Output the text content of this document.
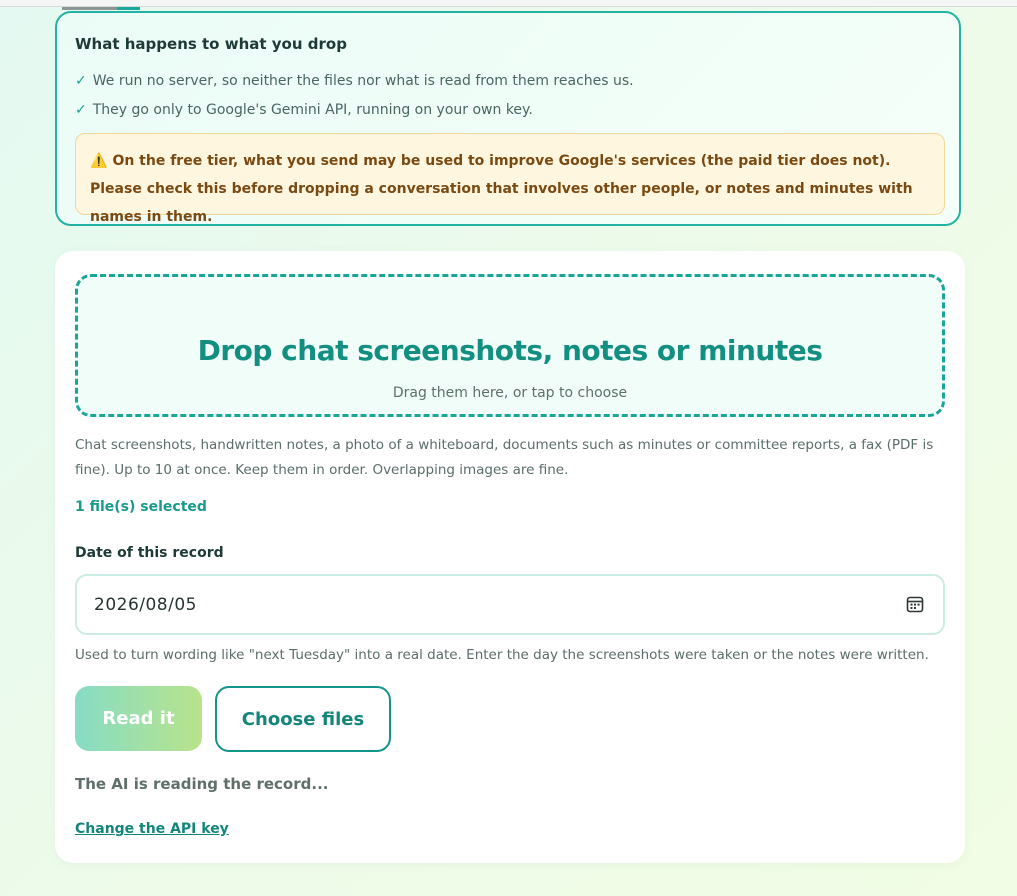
What happens to what you drop
✓ We run no server, so neither the files nor what is read from them reaches us.
✓ They go only to Google's Gemini API, running on your own key.
⚠️ On the free tier, what you send may be used to improve Google's services (the paid tier does not). Please check this before dropping a conversation that involves other people, or notes and minutes with names in them.
Drop chat screenshots, notes or minutes
Drag them here, or tap to choose
Chat screenshots, handwritten notes, a photo of a whiteboard, documents such as minutes or committee reports, a fax (PDF is fine). Up to 10 at once. Keep them in order. Overlapping images are fine.
1 file(s) selected
Date of this record
2026/08/05
Used to turn wording like "next Tuesday" into a real date. Enter the day the screenshots were taken or the notes were written.
Read it	Choose files
The AI is reading the record...
Change the API key
